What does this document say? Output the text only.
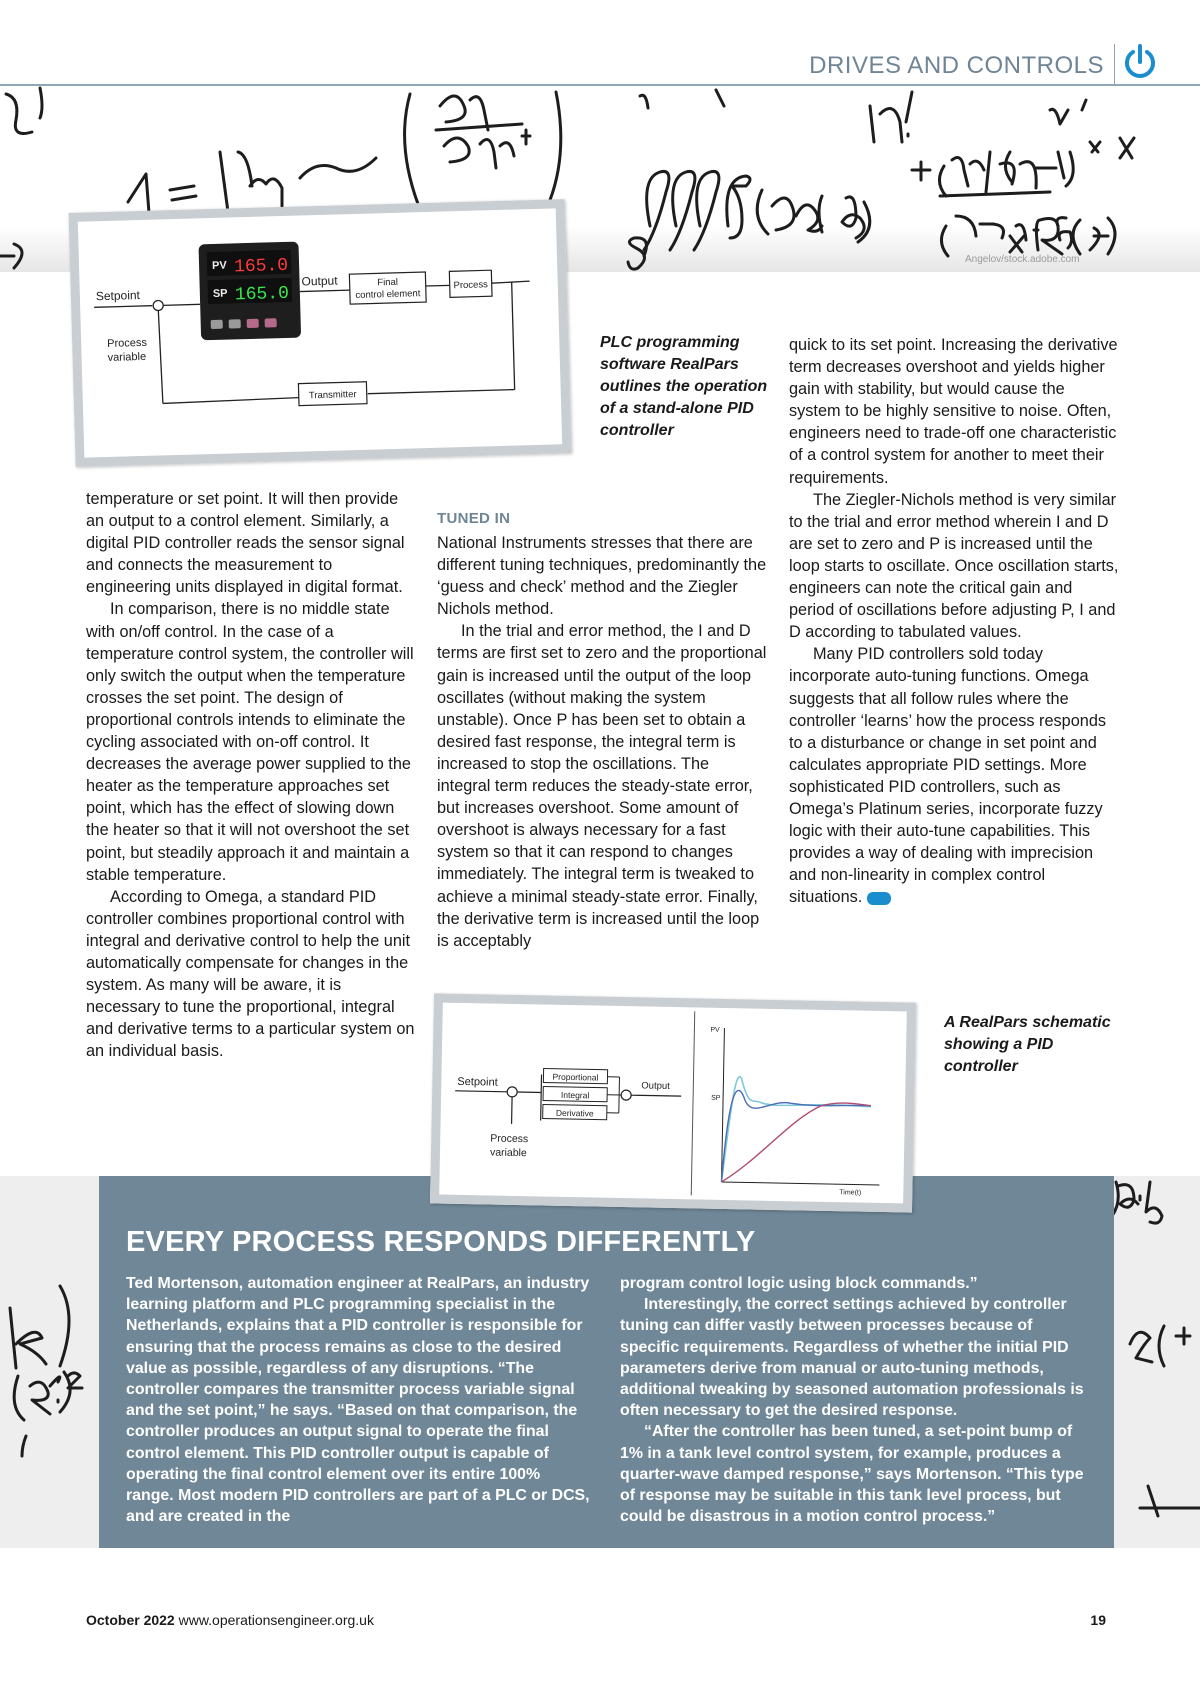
DRIVES AND CONTROLS
Angelov/stock.adobe.com
PV
SP
165.0
165.0
Setpoint
Output	Final
control element
Process
Transmitter
Process
variable
PLC programming software RealPars outlines the operation of a stand-alone PID controller

temperature or set point. It will then provide an output to a control element. Similarly, a digital PID controller reads the sensor signal and connects the measurement to engineering units displayed in digital format.

In comparison, there is no middle state with on/off control. In the case of a temperature control system, the controller will only switch the output when the temperature crosses the set point. The design of proportional controls intends to eliminate the cycling associated with on-off control. It decreases the average power supplied to the heater as the temperature approaches set point, which has the effect of slowing down the heater so that it will not overshoot the set point, but steadily approach it and maintain a stable temperature.

According to Omega, a standard PID controller combines proportional control with integral and derivative control to help the unit automatically compensate for changes in the system. As many will be aware, it is necessary to tune the proportional, integral and derivative terms to a particular system on an individual basis.

TUNED IN

National Instruments stresses that there are different tuning techniques, predominantly the ‘guess and check’ method and the Ziegler Nichols method.

In the trial and error method, the I and D terms are first set to zero and the proportional gain is increased until the output of the loop oscillates (without making the system unstable). Once P has been set to obtain a desired fast response, the integral term is increased to stop the oscillations. The integral term reduces the steady-state error, but increases overshoot. Some amount of overshoot is always necessary for a fast system so that it can respond to changes immediately. The integral term is tweaked to achieve a minimal steady-state error. Finally, the derivative term is increased until the loop is acceptably

quick to its set point. Increasing the derivative term decreases overshoot and yields higher gain with stability, but would cause the system to be highly sensitive to noise. Often, engineers need to trade-off one characteristic of a control system for another to meet their requirements.

The Ziegler-Nichols method is very similar to the trial and error method wherein I and D are set to zero and P is increased until the loop starts to oscillate. Once oscillation starts, engineers can note the critical gain and period of oscillations before adjusting P, I and D according to tabulated values.

Many PID controllers sold today incorporate auto-tuning functions. Omega suggests that all follow rules where the controller ‘learns’ how the process responds to a disturbance or change in set point and calculates appropriate PID settings. More sophisticated PID controllers, such as Omega’s Platinum series, incorporate fuzzy logic with their auto-tune capabilities. This provides a way of dealing with imprecision and non-linearity in complex control situations. oe

Setpoint	Proportional
Integral
Derivative
Output
Process
variable
PV
SP
Time(t)
A RealPars schematic showing a PID controller
EVERY PROCESS RESPONDS DIFFERENTLY

Ted Mortenson, automation engineer at RealPars, an industry learning platform and PLC programming specialist in the Netherlands, explains that a PID controller is responsible for ensuring that the process remains as close to the desired value as possible, regardless of any disruptions. “The controller compares the transmitter process variable signal and the set point,” he says. “Based on that comparison, the controller produces an output signal to operate the final control element. This PID controller output is capable of operating the final control element over its entire 100% range. Most modern PID controllers are part of a PLC or DCS, and are created in the

program control logic using block commands.”

Interestingly, the correct settings achieved by controller tuning can differ vastly between processes because of specific requirements. Regardless of whether the initial PID parameters derive from manual or auto-tuning methods, additional tweaking by seasoned automation professionals is often necessary to get the desired response.

“After the controller has been tuned, a set-point bump of 1% in a tank level control system, for example, produces a quarter-wave damped response,” says Mortenson. “This type of response may be suitable in this tank level process, but could be disastrous in a motion control process.”

October 2022 www.operationsengineer.org.uk	19
